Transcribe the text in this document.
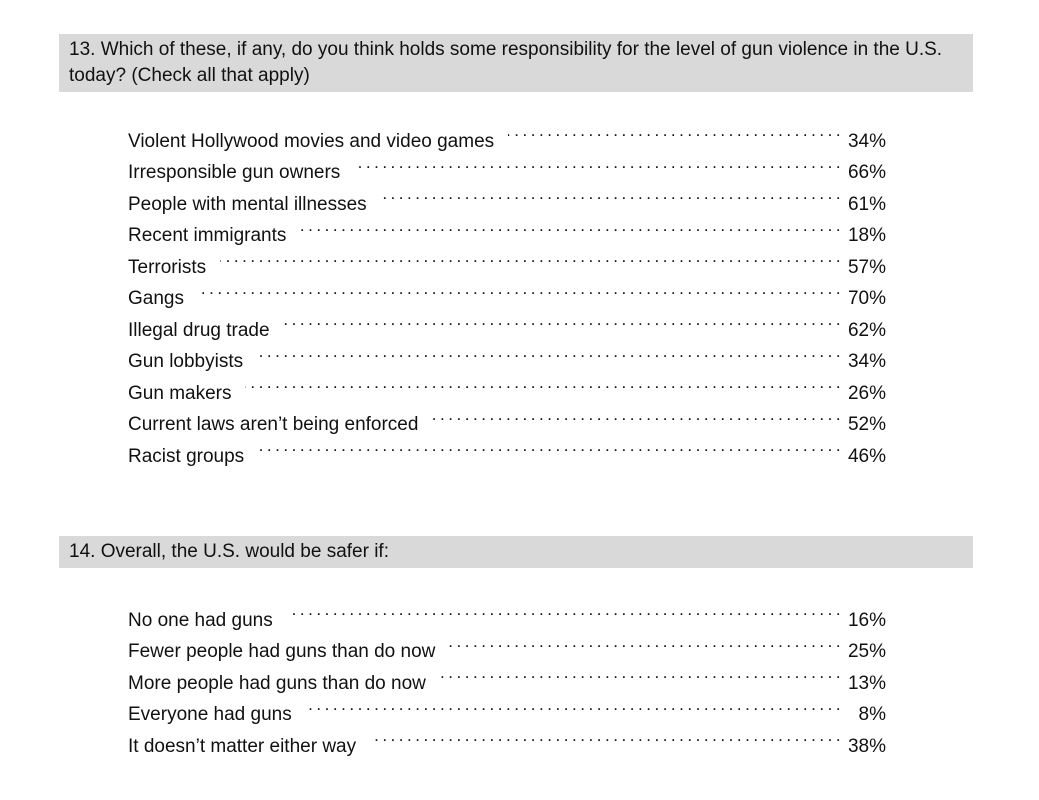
13. Which of these, if any, do you think holds some responsibility for the level of gun violence in the U.S. today? (Check all that apply)
Violent Hollywood movies and video games . . .	34%
Irresponsible gun owners . . .	66%
People with mental illnesses . . .	61%
Recent immigrants . . .	18%
Terrorists . . .	57%
Gangs . . .	70%
Illegal drug trade . . .	62%
Gun lobbyists . . .	34%
Gun makers . . .	26%
Current laws aren’t being enforced . . .	52%
Racist groups . . .	46%
14. Overall, the U.S. would be safer if:
No one had guns . . .	16%
Fewer people had guns than do now . . .	25%
More people had guns than do now . . .	13%
Everyone had guns . . .	8%
It doesn’t matter either way . . .	38%
